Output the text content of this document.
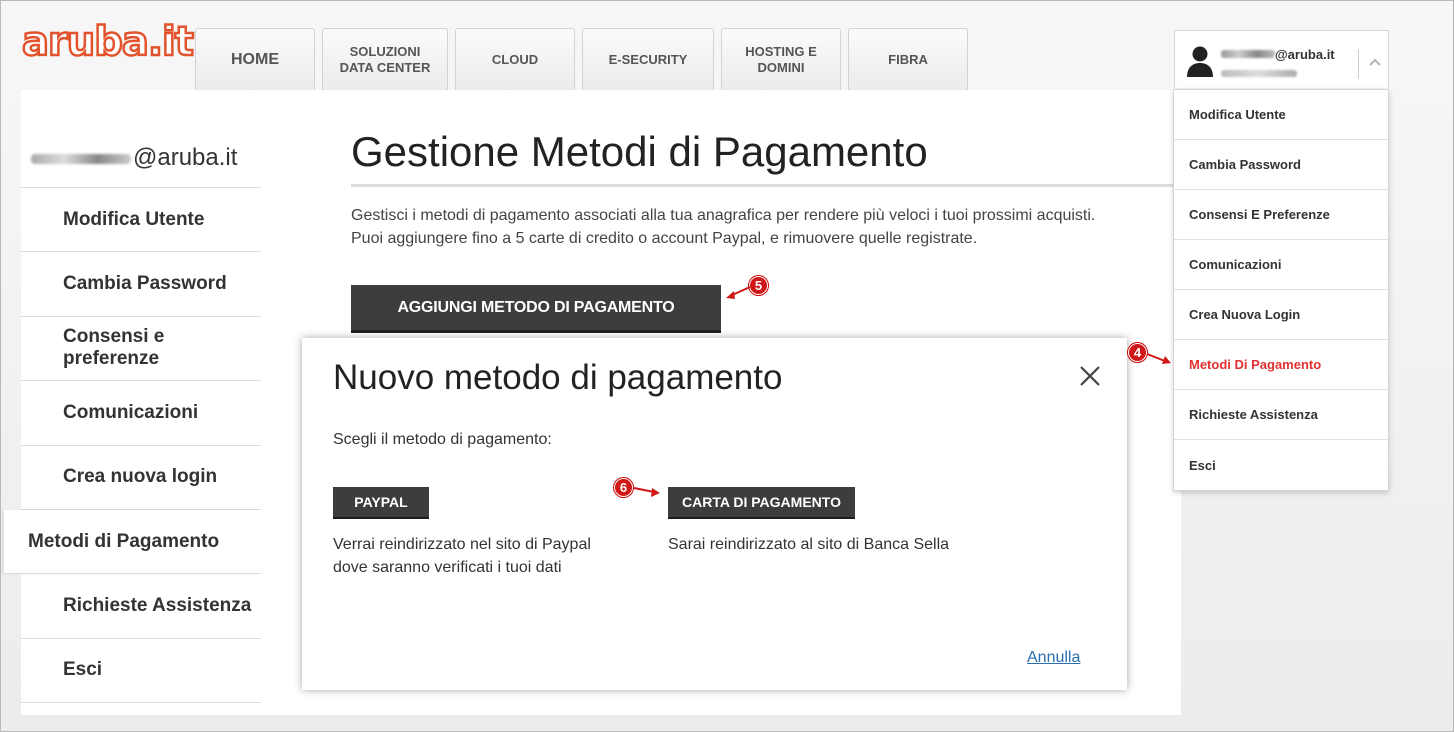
aruba.it	HOME	SOLUZIONI
DATA CENTER
CLOUD	E-SECURITY
HOSTING E
DOMINI
FIBRA	@aruba.it
@aruba.it
Modifica Utente
Cambia Password
Consensi e preferenze
Comunicazioni
Crea nuova login
Metodi di Pagamento
Richieste Assistenza
Esci
Gestione Metodi di Pagamento
Gestisci i metodi di pagamento associati alla tua anagrafica per rendere più veloci i tuoi prossimi acquisti.
Puoi aggiungere fino a 5 carte di credito o account Paypal, e rimuovere quelle registrate.
AGGIUNGI METODO DI PAGAMENTO
Modifica Utente
Cambia Password
Consensi E Preferenze
Comunicazioni
Crea Nuova Login
Metodi Di Pagamento
Richieste Assistenza
Esci
Nuovo metodo di pagamento
Scegli il metodo di pagamento:
PAYPAL
Verrai reindirizzato nel sito di Paypal dove saranno verificati i tuoi dati
CARTA DI PAGAMENTO
Sarai reindirizzato al sito di Banca Sella
Annulla
5
4
6
